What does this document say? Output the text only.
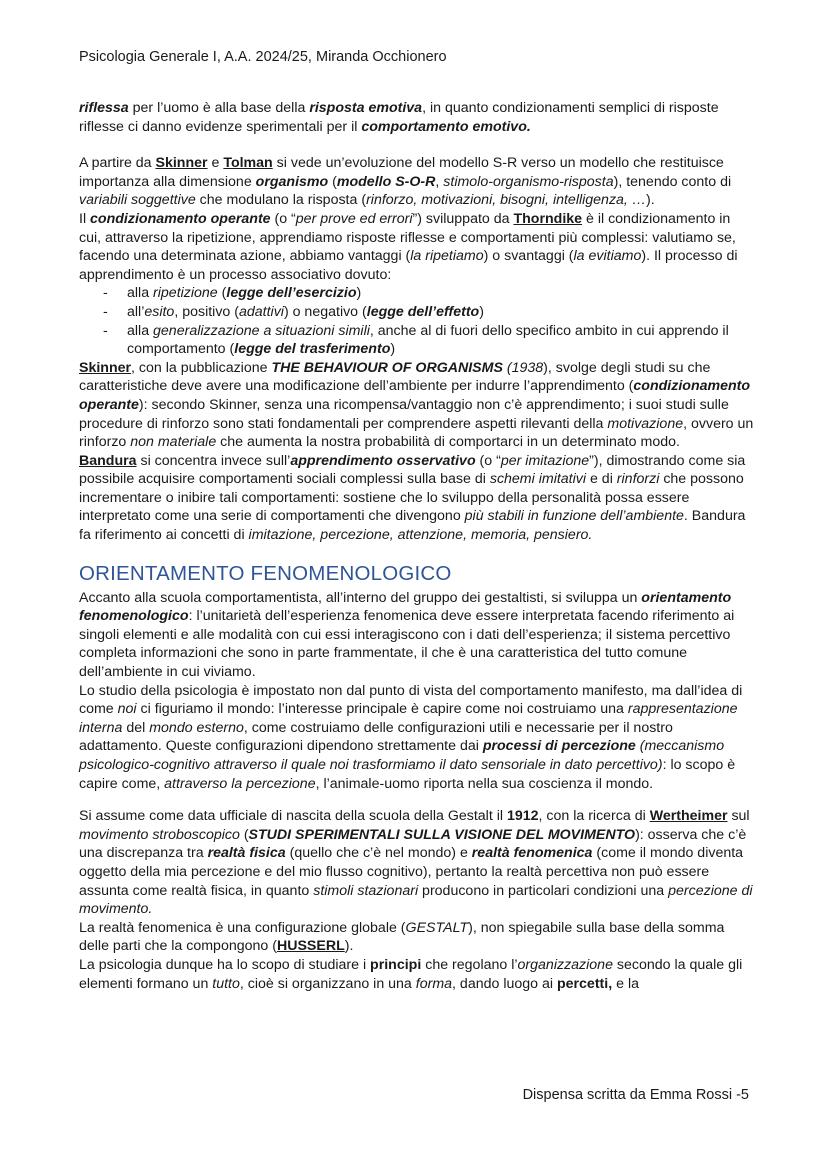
Psicologia Generale I, A.A. 2024/25, Miranda Occhionero

riflessa per l’uomo è alla base della risposta emotiva, in quanto condizionamenti semplici di risposte riflesse ci danno evidenze sperimentali per il comportamento emotivo.

A partire da Skinner e Tolman si vede un’evoluzione del modello S-R verso un modello che restituisce importanza alla dimensione organismo (modello S-O-R, stimolo-organismo-risposta), tenendo conto di variabili soggettive che modulano la risposta (rinforzo, motivazioni, bisogni, intelligenza, …).

Il condizionamento operante (o “per prove ed errori”) sviluppato da Thorndike è il condizionamento in cui, attraverso la ripetizione, apprendiamo risposte riflesse e comportamenti più complessi: valutiamo se, facendo una determinata azione, abbiamo vantaggi (la ripetiamo) o svantaggi (la evitiamo). Il processo di apprendimento è un processo associativo dovuto:

- alla ripetizione (legge dell’esercizio)
- all’esito, positivo (adattivi) o negativo (legge dell’effetto)
- alla generalizzazione a situazioni simili, anche al di fuori dello specifico ambito in cui apprendo il comportamento (legge del trasferimento)

Skinner, con la pubblicazione THE BEHAVIOUR OF ORGANISMS (1938), svolge degli studi su che caratteristiche deve avere una modificazione dell’ambiente per indurre l’apprendimento (condizionamento operante): secondo Skinner, senza una ricompensa/vantaggio non c’è apprendimento; i suoi studi sulle procedure di rinforzo sono stati fondamentali per comprendere aspetti rilevanti della motivazione, ovvero un rinforzo non materiale che aumenta la nostra probabilità di comportarci in un determinato modo.

Bandura si concentra invece sull’apprendimento osservativo (o “per imitazione”), dimostrando come sia possibile acquisire comportamenti sociali complessi sulla base di schemi imitativi e di rinforzi che possono incrementare o inibire tali comportamenti: sostiene che lo sviluppo della personalità possa essere interpretato come una serie di comportamenti che divengono più stabili in funzione dell’ambiente. Bandura fa riferimento ai concetti di imitazione, percezione, attenzione, memoria, pensiero.

ORIENTAMENTO FENOMENOLOGICO

Accanto alla scuola comportamentista, all’interno del gruppo dei gestaltisti, si sviluppa un orientamento fenomenologico: l’unitarietà dell’esperienza fenomenica deve essere interpretata facendo riferimento ai singoli elementi e alle modalità con cui essi interagiscono con i dati dell’esperienza; il sistema percettivo completa informazioni che sono in parte frammentate, il che è una caratteristica del tutto comune dell’ambiente in cui viviamo.

Lo studio della psicologia è impostato non dal punto di vista del comportamento manifesto, ma dall’idea di come noi ci figuriamo il mondo: l’interesse principale è capire come noi costruiamo una rappresentazione interna del mondo esterno, come costruiamo delle configurazioni utili e necessarie per il nostro adattamento. Queste configurazioni dipendono strettamente dai processi di percezione (meccanismo psicologico-cognitivo attraverso il quale noi trasformiamo il dato sensoriale in dato percettivo): lo scopo è capire come, attraverso la percezione, l’animale-uomo riporta nella sua coscienza il mondo.

Si assume come data ufficiale di nascita della scuola della Gestalt il 1912, con la ricerca di Wertheimer sul movimento stroboscopico (STUDI SPERIMENTALI SULLA VISIONE DEL MOVIMENTO): osserva che c’è una discrepanza tra realtà fisica (quello che c’è nel mondo) e realtà fenomenica (come il mondo diventa oggetto della mia percezione e del mio flusso cognitivo), pertanto la realtà percettiva non può essere assunta come realtà fisica, in quanto stimoli stazionari producono in particolari condizioni una percezione di movimento.

La realtà fenomenica è una configurazione globale (GESTALT), non spiegabile sulla base della somma delle parti che la compongono (HUSSERL).

La psicologia dunque ha lo scopo di studiare i principi che regolano l’organizzazione secondo la quale gli elementi formano un tutto, cioè si organizzano in una forma, dando luogo ai percetti, e la

Dispensa scritta da Emma Rossi -5
